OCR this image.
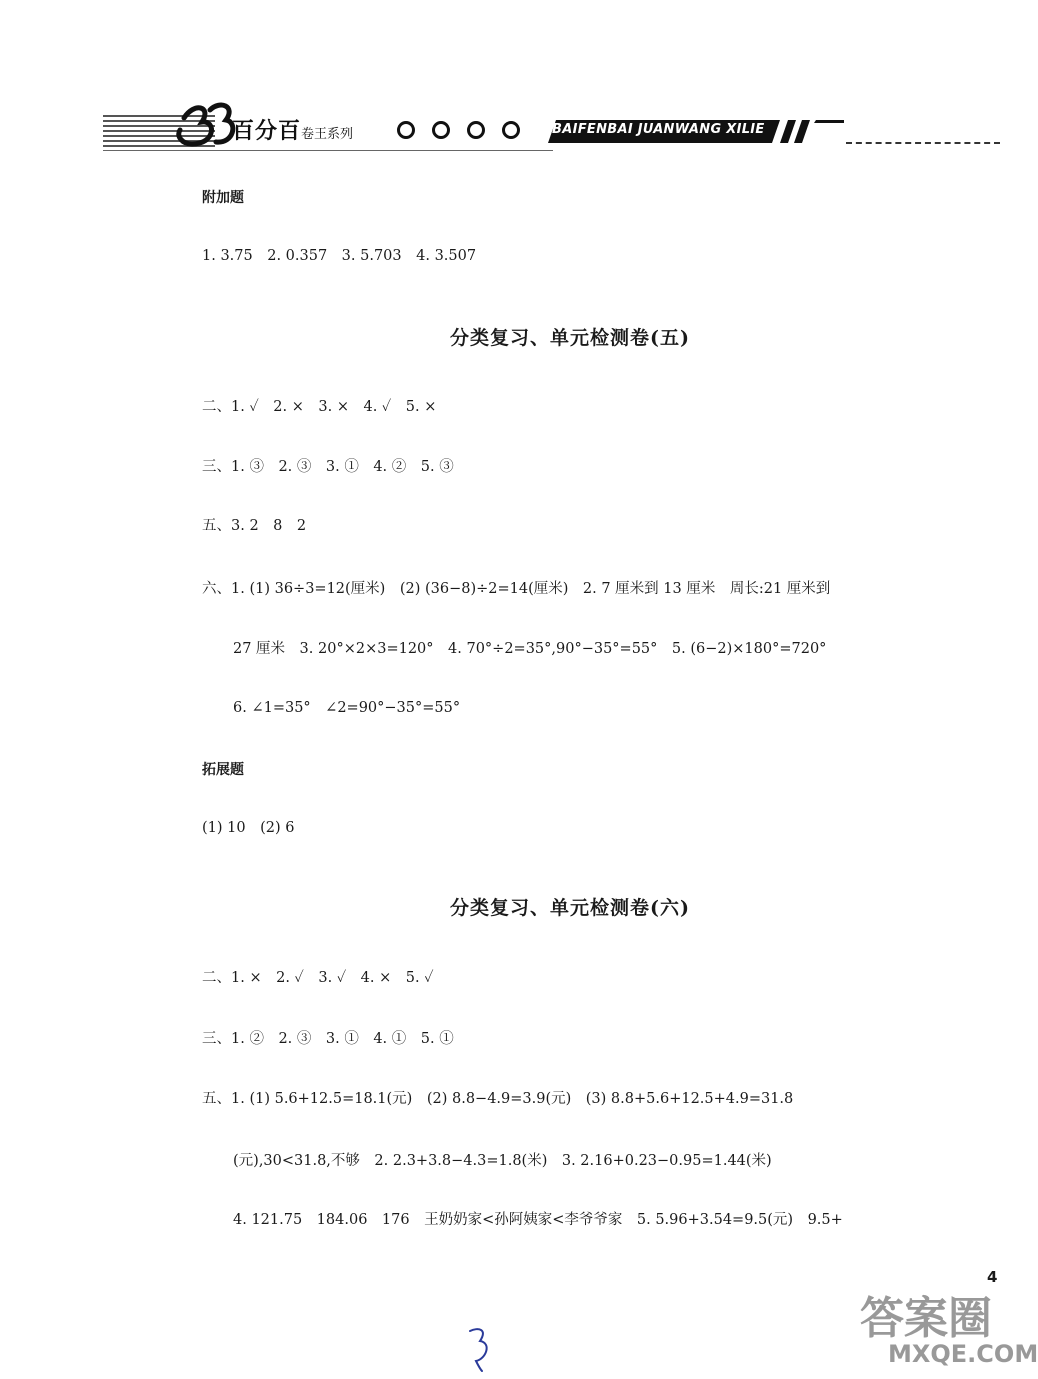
百分百卷王系列	BAIFENBAI JUANWANG XILIE
附加题
1. 3.75　2. 0.357　3. 5.703　4. 3.507
分类复习、单元检测卷(五)
二、1. ✓　2. ×　3. ×　4. ✓　5. ×
三、1. ③　2. ③　3. ①　4. ②　5. ③
五、3. 2　8　2
六、1. (1) 36÷3=12(厘米)　(2) (36−8)÷2=14(厘米)　2. 7 厘米到 13 厘米　周长:21 厘米到
27 厘米　3. 20°×2×3=120°　4. 70°÷2=35°,90°−35°=55°　5. (6−2)×180°=720°
6. ∠1=35°　∠2=90°−35°=55°
拓展题
(1) 10　(2) 6
分类复习、单元检测卷(六)
二、1. ×　2. ✓　3. ✓　4. ×　5. ✓
三、1. ②　2. ③　3. ①　4. ①　5. ①
五、1. (1) 5.6+12.5=18.1(元)　(2) 8.8−4.9=3.9(元)　(3) 8.8+5.6+12.5+4.9=31.8
(元),30<31.8,不够　2. 2.3+3.8−4.3=1.8(米)　3. 2.16+0.23−0.95=1.44(米)
4. 121.75　184.06　176　王奶奶家<孙阿姨家<李爷爷家　5. 5.96+3.54=9.5(元)　9.5+
4
答案圈
MXQE.COM
